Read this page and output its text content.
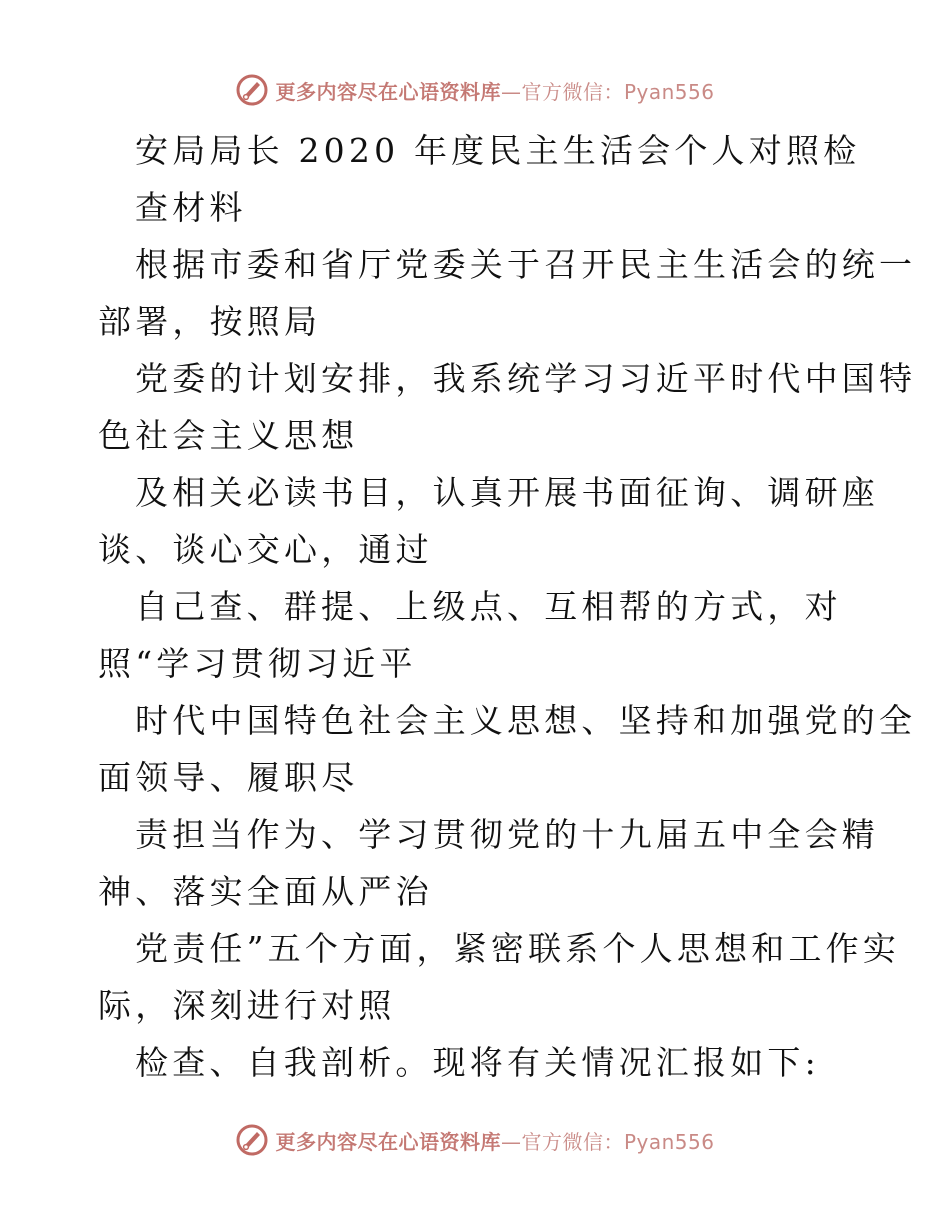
更多内容尽在心语资料库—官方微信：Pyan556
安局局长 2020 年度民主生活会个人对照检
查材料
根据市委和省厅党委关于召开民主生活会的统一
部署，按照局
党委的计划安排，我系统学习习近平时代中国特
色社会主义思想
及相关必读书目，认真开展书面征询、调研座
谈、谈心交心，通过
自己查、群提、上级点、互相帮的方式，对
照“学习贯彻习近平
时代中国特色社会主义思想、坚持和加强党的全
面领导、履职尽
责担当作为、学习贯彻党的十九届五中全会精
神、落实全面从严治
党责任”五个方面，紧密联系个人思想和工作实
际，深刻进行对照
检查、自我剖析。现将有关情况汇报如下:
更多内容尽在心语资料库—官方微信：Pyan556
